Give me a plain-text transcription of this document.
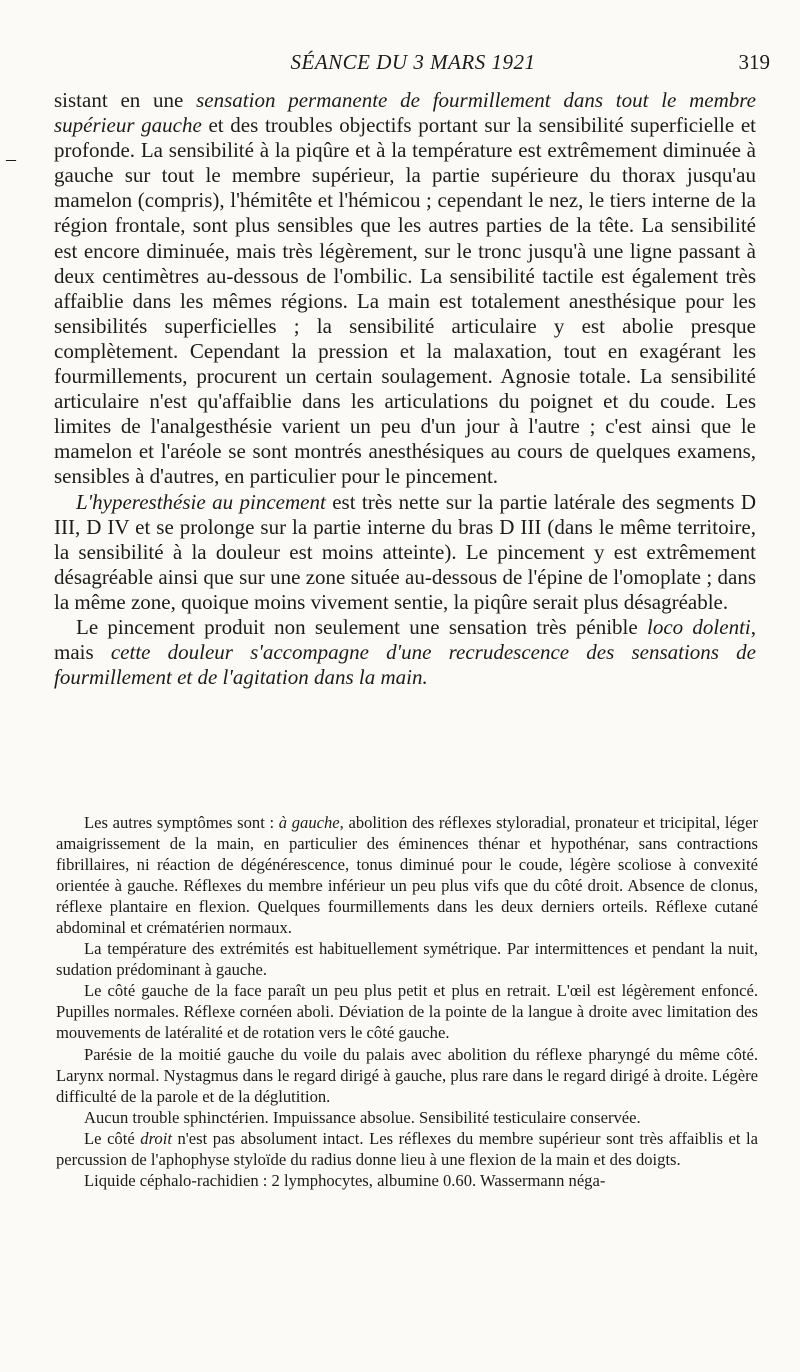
SÉANCE DU 3 MARS 1921	319
–

sistant en une sensation permanente de fourmillement dans tout le membre supérieur gauche et des troubles objectifs portant sur la sensibilité superficielle et profonde. La sensibilité à la piqûre et à la température est extrêmement diminuée à gauche sur tout le membre supérieur, la partie supérieure du thorax jusqu'au mamelon (compris), l'hémitête et l'hémicou ; cependant le nez, le tiers interne de la région frontale, sont plus sensibles que les autres parties de la tête. La sensibilité est encore diminuée, mais très légèrement, sur le tronc jusqu'à une ligne passant à deux centimètres au-dessous de l'ombilic. La sensibilité tactile est également très affaiblie dans les mêmes régions. La main est totalement anesthésique pour les sensibilités superficielles ; la sensibilité articulaire y est abolie presque complètement. Cependant la pression et la malaxation, tout en exagérant les fourmillements, procurent un certain soulagement. Agnosie totale. La sensibilité articulaire n'est qu'affaiblie dans les articulations du poignet et du coude. Les limites de l'analgesthésie varient un peu d'un jour à l'autre ; c'est ainsi que le mamelon et l'aréole se sont montrés anesthésiques au cours de quelques examens, sensibles à d'autres, en particulier pour le pincement.

L'hyperesthésie au pincement est très nette sur la partie latérale des segments D III, D IV et se prolonge sur la partie interne du bras D III (dans le même territoire, la sensibilité à la douleur est moins atteinte). Le pincement y est extrêmement désagréable ainsi que sur une zone située au-dessous de l'épine de l'omoplate ; dans la même zone, quoique moins vivement sentie, la piqûre serait plus désagréable.

Le pincement produit non seulement une sensation très pénible loco dolenti, mais cette douleur s'accompagne d'une recrudescence des sensations de fourmillement et de l'agitation dans la main.

Les autres symptômes sont : à gauche, abolition des réflexes styloradial, pronateur et tricipital, léger amaigrissement de la main, en particulier des éminences thénar et hypothénar, sans contractions fibrillaires, ni réaction de dégénérescence, tonus diminué pour le coude, légère scoliose à convexité orientée à gauche. Réflexes du membre inférieur un peu plus vifs que du côté droit. Absence de clonus, réflexe plantaire en flexion. Quelques fourmillements dans les deux derniers orteils. Réflexe cutané abdominal et crématérien normaux.

La température des extrémités est habituellement symétrique. Par intermittences et pendant la nuit, sudation prédominant à gauche.

Le côté gauche de la face paraît un peu plus petit et plus en retrait. L'œil est légèrement enfoncé. Pupilles normales. Réflexe cornéen aboli. Déviation de la pointe de la langue à droite avec limitation des mouvements de latéralité et de rotation vers le côté gauche.

Parésie de la moitié gauche du voile du palais avec abolition du réflexe pharyngé du même côté. Larynx normal. Nystagmus dans le regard dirigé à gauche, plus rare dans le regard dirigé à droite. Légère difficulté de la parole et de la déglutition.

Aucun trouble sphinctérien. Impuissance absolue. Sensibilité testiculaire conservée.

Le côté droit n'est pas absolument intact. Les réflexes du membre supérieur sont très affaiblis et la percussion de l'aphophyse styloïde du radius donne lieu à une flexion de la main et des doigts.

Liquide céphalo-rachidien : 2 lymphocytes, albumine 0.60. Wassermann néga-
